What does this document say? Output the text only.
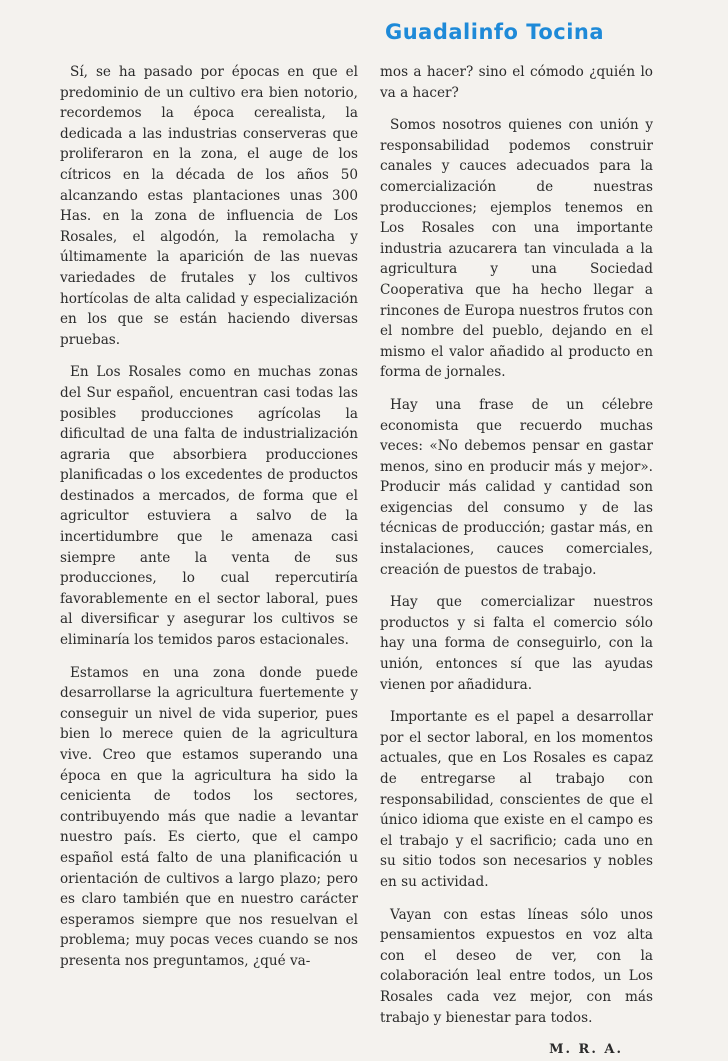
Guadalinfo Tocina

Sí, se ha pasado por épocas en que el predominio de un cultivo era bien notorio, recordemos la época cerealista, la dedicada a las industrias conserveras que proliferaron en la zona, el auge de los cítricos en la década de los años 50 alcanzando estas plantaciones unas 300 Has. en la zona de influencia de Los Rosales, el algodón, la remolacha y últimamente la aparición de las nuevas variedades de frutales y los cultivos hortícolas de alta calidad y especialización en los que se están haciendo diversas pruebas.

En Los Rosales como en muchas zonas del Sur español, encuentran casi todas las posibles producciones agrícolas la dificultad de una falta de industrialización agraria que absorbiera producciones planificadas o los excedentes de productos destinados a mercados, de forma que el agricultor estuviera a salvo de la incertidumbre que le amenaza casi siempre ante la venta de sus producciones, lo cual repercutiría favorablemente en el sector laboral, pues al diversificar y asegurar los cultivos se eliminaría los temidos paros estacionales.

Estamos en una zona donde puede desarrollarse la agricultura fuertemente y conseguir un nivel de vida superior, pues bien lo merece quien de la agricultura vive. Creo que estamos superando una época en que la agricultura ha sido la cenicienta de todos los sectores, contribuyendo más que nadie a levantar nuestro país. Es cierto, que el campo español está falto de una planificación u orientación de cultivos a largo plazo; pero es claro también que en nuestro carácter esperamos siempre que nos resuelvan el problema; muy pocas veces cuando se nos presenta nos preguntamos, ¿qué va-

mos a hacer? sino el cómodo ¿quién lo va a hacer?

Somos nosotros quienes con unión y responsabilidad podemos construir canales y cauces adecuados para la comercialización de nuestras producciones; ejemplos tenemos en Los Rosales con una importante industria azucarera tan vinculada a la agricultura y una Sociedad Cooperativa que ha hecho llegar a rincones de Europa nuestros frutos con el nombre del pueblo, dejando en el mismo el valor añadido al producto en forma de jornales.

Hay una frase de un célebre economista que recuerdo muchas veces: «No debemos pensar en gastar menos, sino en producir más y mejor». Producir más calidad y cantidad son exigencias del consumo y de las técnicas de producción; gastar más, en instalaciones, cauces comerciales, creación de puestos de trabajo.

Hay que comercializar nuestros productos y si falta el comercio sólo hay una forma de conseguirlo, con la unión, entonces sí que las ayudas vienen por añadidura.

Importante es el papel a desarrollar por el sector laboral, en los momentos actuales, que en Los Rosales es capaz de entregarse al trabajo con responsabilidad, conscientes de que el único idioma que existe en el campo es el trabajo y el sacrificio; cada uno en su sitio todos son necesarios y nobles en su actividad.

Vayan con estas líneas sólo unos pensamientos expuestos en voz alta con el deseo de ver, con la colaboración leal entre todos, un Los Rosales cada vez mejor, con más trabajo y bienestar para todos.

M. R. A.
